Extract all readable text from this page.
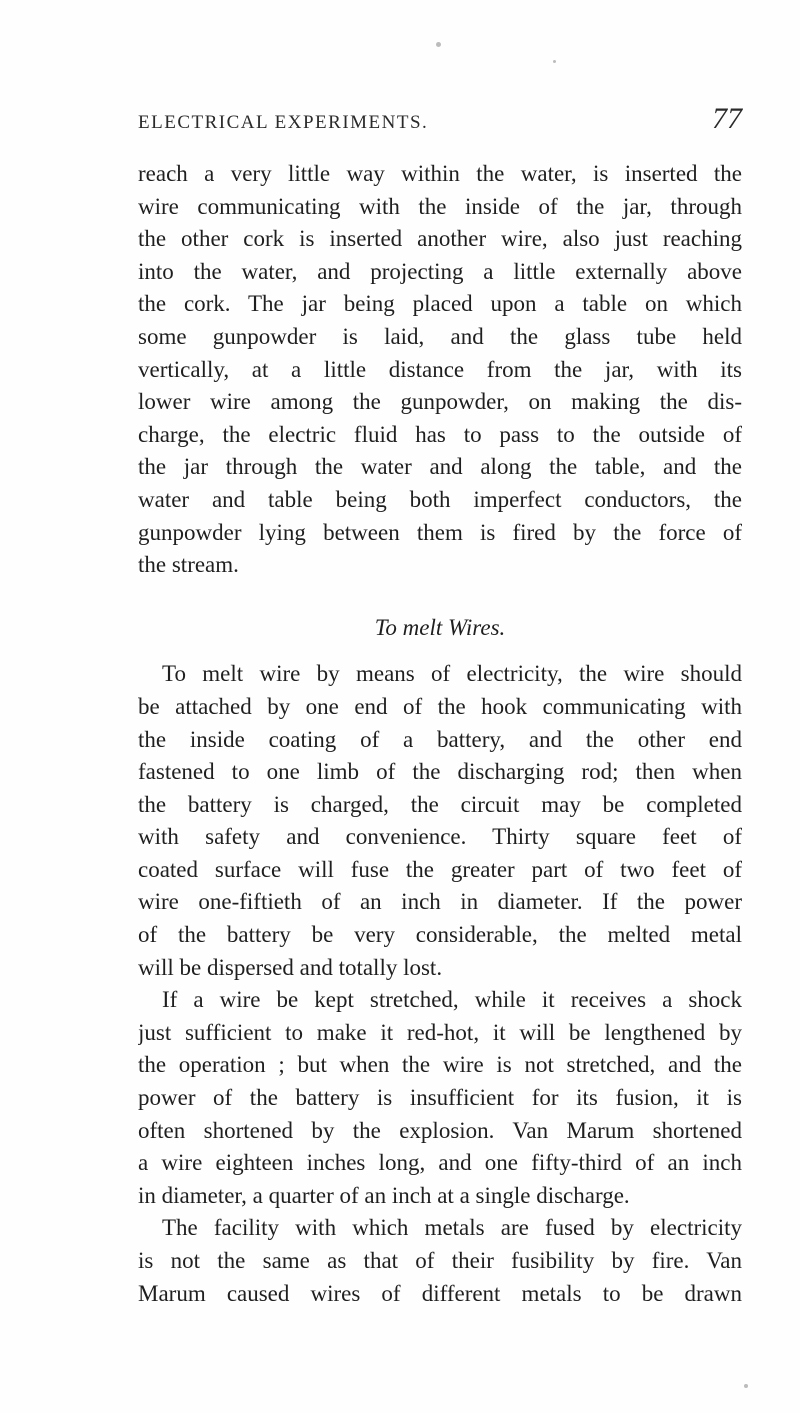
ELECTRICAL EXPERIMENTS.	77
reach a very little way within the water, is inserted the
wire communicating with the inside of the jar, through
the other cork is inserted another wire, also just reaching
into the water, and projecting a little externally above
the cork. The jar being placed upon a table on which
some gunpowder is laid, and the glass tube held
vertically, at a little distance from the jar, with its
lower wire among the gunpowder, on making the dis-
charge, the electric fluid has to pass to the outside of
the jar through the water and along the table, and the
water and table being both imperfect conductors, the
gunpowder lying between them is fired by the force of
the stream.
To melt Wires.
To melt wire by means of electricity, the wire should
be attached by one end of the hook communicating with
the inside coating of a battery, and the other end
fastened to one limb of the discharging rod; then when
the battery is charged, the circuit may be completed
with safety and convenience. Thirty square feet of
coated surface will fuse the greater part of two feet of
wire one-fiftieth of an inch in diameter. If the power
of the battery be very considerable, the melted metal
will be dispersed and totally lost.
If a wire be kept stretched, while it receives a shock
just sufficient to make it red-hot, it will be lengthened by
the operation ; but when the wire is not stretched, and the
power of the battery is insufficient for its fusion, it is
often shortened by the explosion. Van Marum shortened
a wire eighteen inches long, and one fifty-third of an inch
in diameter, a quarter of an inch at a single discharge.
The facility with which metals are fused by electricity
is not the same as that of their fusibility by fire. Van
Marum caused wires of different metals to be drawn
